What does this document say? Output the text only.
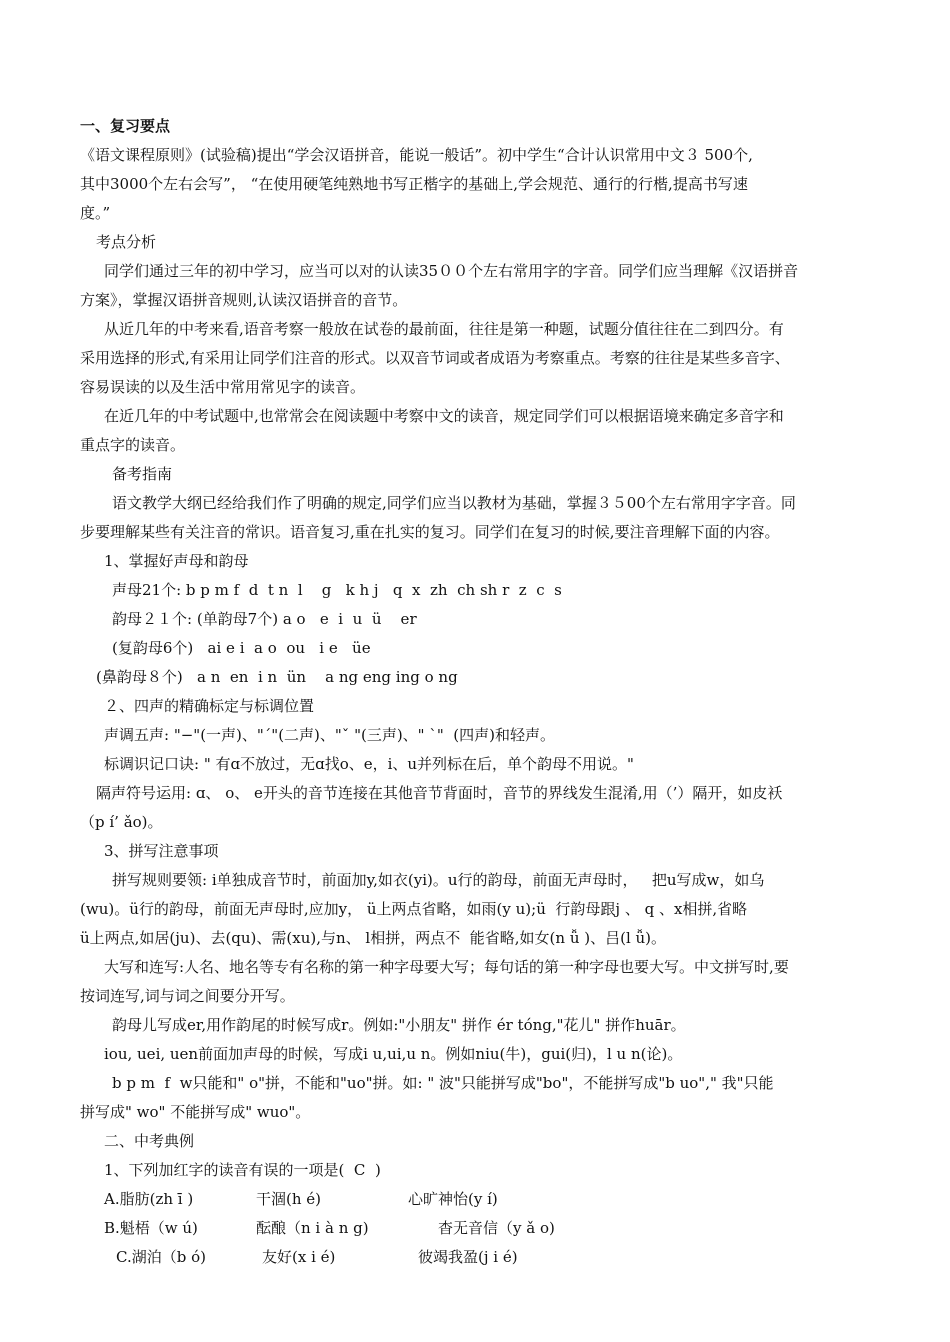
一、复习要点
《语文课程原则》(试验稿)提出“学会汉语拼音，能说一般话”。初中学生“合计认识常用中文３ 500个,
其中3000个左右会写”， “在使用硬笔纯熟地书写正楷字的基础上,学会规范、通行的行楷,提高书写速
度。”
考点分析
同学们通过三年的初中学习，应当可以对的认读35００个左右常用字的字音。同学们应当理解《汉语拼音
方案》，掌握汉语拼音规则,认读汉语拼音的音节。
从近几年的中考来看,语音考察一般放在试卷的最前面，往往是第一种题，试题分值往往在二到四分。有
采用选择的形式,有采用让同学们注音的形式。以双音节词或者成语为考察重点。考察的往往是某些多音字、
容易误读的以及生活中常用常见字的读音。
在近几年的中考试题中,也常常会在阅读题中考察中文的读音，规定同学们可以根据语境来确定多音字和
重点字的读音。
备考指南
语文教学大纲已经给我们作了明确的规定,同学们应当以教材为基础，掌握３５00个左右常用字字音。同
步要理解某些有关注音的常识。语音复习,重在扎实的复习。同学们在复习的时候,要注音理解下面的内容。
1、掌握好声母和韵母
声母21个: b p m f  d  t n  l    g   k h j   q  x  zh  ch sh r  z  c  s
韵母２１个: (单韵母7个) a o   e  i  u  ü    er
(复韵母6个)   ai e i  a o  ou   i e   üe
(鼻韵母８个)   a n  en  i n  ün    a ng eng ing o ng
２、四声的精确标定与标调位置
声调五声: "−"(一声)、"ˊ"(二声)、"ˇ "(三声)、" ˋ"  (四声)和轻声。
标调识记口诀: " 有ɑ不放过，无ɑ找o、e，i、u并列标在后，单个韵母不用说。"
隔声符号运用: ɑ、 o、 e开头的音节连接在其他音节背面时，音节的界线发生混淆,用（’）隔开，如皮袄
（p í’ ǎo)。
3、拼写注意事项
拼写规则要领: i单独成音节时，前面加y,如衣(yi)。u行的韵母，前面无声母时，   把u写成w，如乌
(wu)。ü行的韵母，前面无声母时,应加y， ü上两点省略，如雨(y u);ü  行韵母跟j 、 q 、x相拼,省略
ü上两点,如居(ju)、去(qu)、需(xu),与n、 l相拼，两点不  能省略,如女(n ǚ )、吕(l ǚ)。
大写和连写:人名、地名等专有名称的第一种字母要大写；每句话的第一种字母也要大写。中文拼写时,要
按词连写,词与词之间要分开写。
韵母儿写成er,用作韵尾的时候写成r。例如:"小朋友" 拼作 ér tóng,"花儿" 拼作huār。
iou, uei, uen前面加声母的时候，写成i u,ui,u n。例如niu(牛)，gui(归)，l u n(论)。
b p m  f  w只能和" o"拼，不能和"uo"拼。如: " 波"只能拼写成"bo"，不能拼写成"b uo"," 我"只能
拼写成" wo" 不能拼写成" wuo"。
二、中考典例
1、下列加红字的读音有误的一项是(  C  )
A.脂肪(zh ī )	干涸(h é)	心旷神怡(y í)
B.魁梧（w ú)	酝酿（n i à n g)	杳无音信（y ǎ o)
C.湖泊（b ó)	友好(x i é)	彼竭我盈(j i é)
